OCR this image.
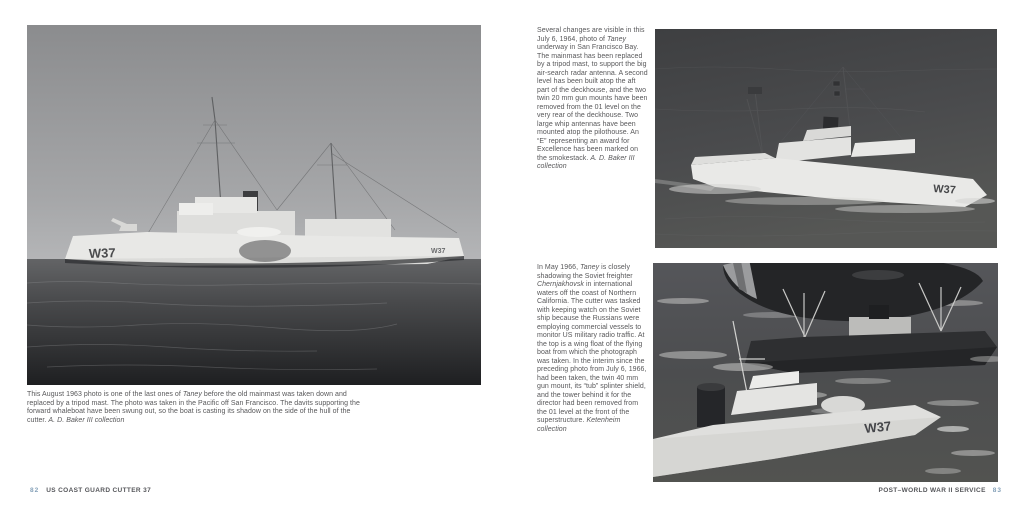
W37	W37

This August 1963 photo is one of the last ones of Taney before the old mainmast was taken down and replaced by a tripod mast. The photo was taken in the Pacific off San Francisco. The davits supporting the forward whaleboat have been swung out, so the boat is casting its shadow on the side of the hull of the cutter. A. D. Baker III collection

82 US COAST GUARD CUTTER 37

Several changes are visible in this July 6, 1964, photo of Taney underway in San Francisco Bay. The mainmast has been replaced by a tripod mast, to support the big air-search radar antenna. A second level has been built atop the aft part of the deckhouse, and the two twin 20 mm gun mounts have been removed from the 01 level on the very rear of the deckhouse. Two large whip antennas have been mounted atop the pilothouse. An “E” representing an award for Excellence has been marked on the smokestack. A. D. Baker III collection

In May 1966, Taney is closely shadowing the Soviet freighter Chernjakhovsk in international waters off the coast of Northern California. The cutter was tasked with keeping watch on the Soviet ship because the Russians were employing commercial vessels to monitor US military radio traffic. At the top is a wing float of the flying boat from which the photograph was taken. In the interim since the preceding photo from July 6, 1966, had been taken, the twin 40 mm gun mount, its “tub” splinter shield, and the tower behind it for the director had been removed from the 01 level at the front of the superstructure. Ketenheim collection

W37
W37
POST–WORLD WAR II SERVICE 83
